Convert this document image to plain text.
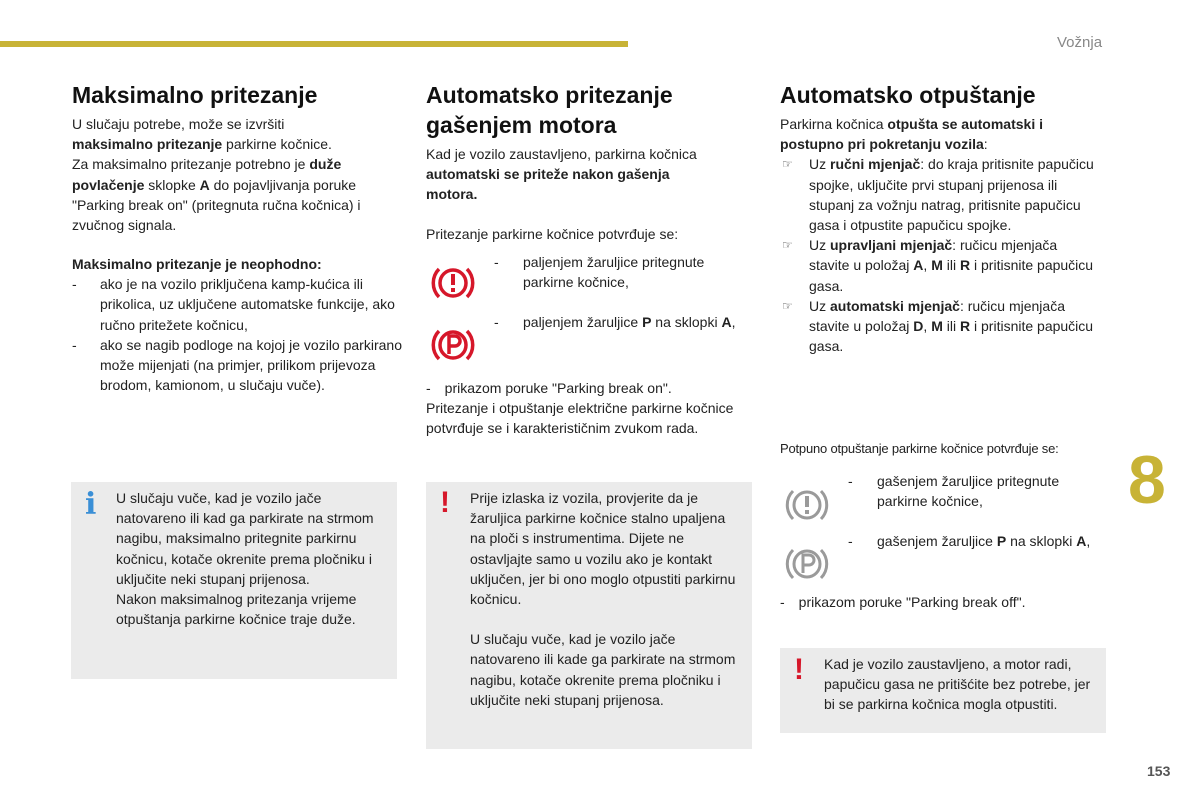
Vožnja
8
153
Maksimalno pritezanje
U slučaju potrebe, može se izvršiti
maksimalno pritezanje parkirne kočnice.
Za maksimalno pritezanje potrebno je duže
povlačenje sklopke A do pojavljivanja poruke
"Parking break on" (pritegnuta ručna kočnica) i
zvučnog signala.
Maksimalno pritezanje je neophodno:
- ako je na vozilo priključena kamp-kućica ili prikolica, uz uključene automatske funkcije, ako ručno pritežete kočnicu,
- ako se nagib podloge na kojoj je vozilo parkirano može mijenjati (na primjer, prilikom prijevoza brodom, kamionom, u slučaju vuče).
i U slučaju vuče, kad je vozilo jače natovareno ili kad ga parkirate na strmom nagibu, maksimalno pritegnite parkirnu kočnicu, kotače okrenite prema pločniku i uključite neki stupanj prijenosa.
Nakon maksimalnog pritezanja vrijeme otpuštanja parkirne kočnice traje duže.
Automatsko pritezanje
gašenjem motora
Kad je vozilo zaustavljeno, parkirna kočnica
automatski se priteže nakon gašenja motora.
Pritezanje parkirne kočnice potvrđuje se:
-	paljenjem žaruljice pritegnute parkirne kočnice,
-	paljenjem žaruljice P na sklopki A,
- prikazom poruke "Parking break on".
Pritezanje i otpuštanje električne parkirne kočnice potvrđuje se i karakterističnim zvukom rada.
! Prije izlaska iz vozila, provjerite da je žaruljica parkirne kočnice stalno upaljena na ploči s instrumentima. Dijete ne ostavljajte samo u vozilu ako je kontakt uključen, jer bi ono moglo otpustiti parkirnu kočnicu.
U slučaju vuče, kad je vozilo jače natovareno ili kade ga parkirate na strmom nagibu, kotače okrenite prema pločniku i uključite neki stupanj prijenosa.
Automatsko otpuštanje
Parkirna kočnica otpušta se automatski i postupno pri pokretanju vozila:
☞ Uz ručni mjenjač: do kraja pritisnite papučicu spojke, uključite prvi stupanj prijenosa ili stupanj za vožnju natrag, pritisnite papučicu gasa i otpustite papučicu spojke.
☞ Uz upravljani mjenjač: ručicu mjenjača stavite u položaj A, M ili R i pritisnite papučicu gasa.
☞ Uz automatski mjenjač: ručicu mjenjača stavite u položaj D, M ili R i pritisnite papučicu gasa.
Potpuno otpuštanje parkirne kočnice potvrđuje se:
-	gašenjem žaruljice pritegnute parkirne kočnice,
-	gašenjem žaruljice P na sklopki A,
- prikazom poruke "Parking break off".
! Kad je vozilo zaustavljeno, a motor radi, papučicu gasa ne pritišćite bez potrebe, jer bi se parkirna kočnica mogla otpustiti.
